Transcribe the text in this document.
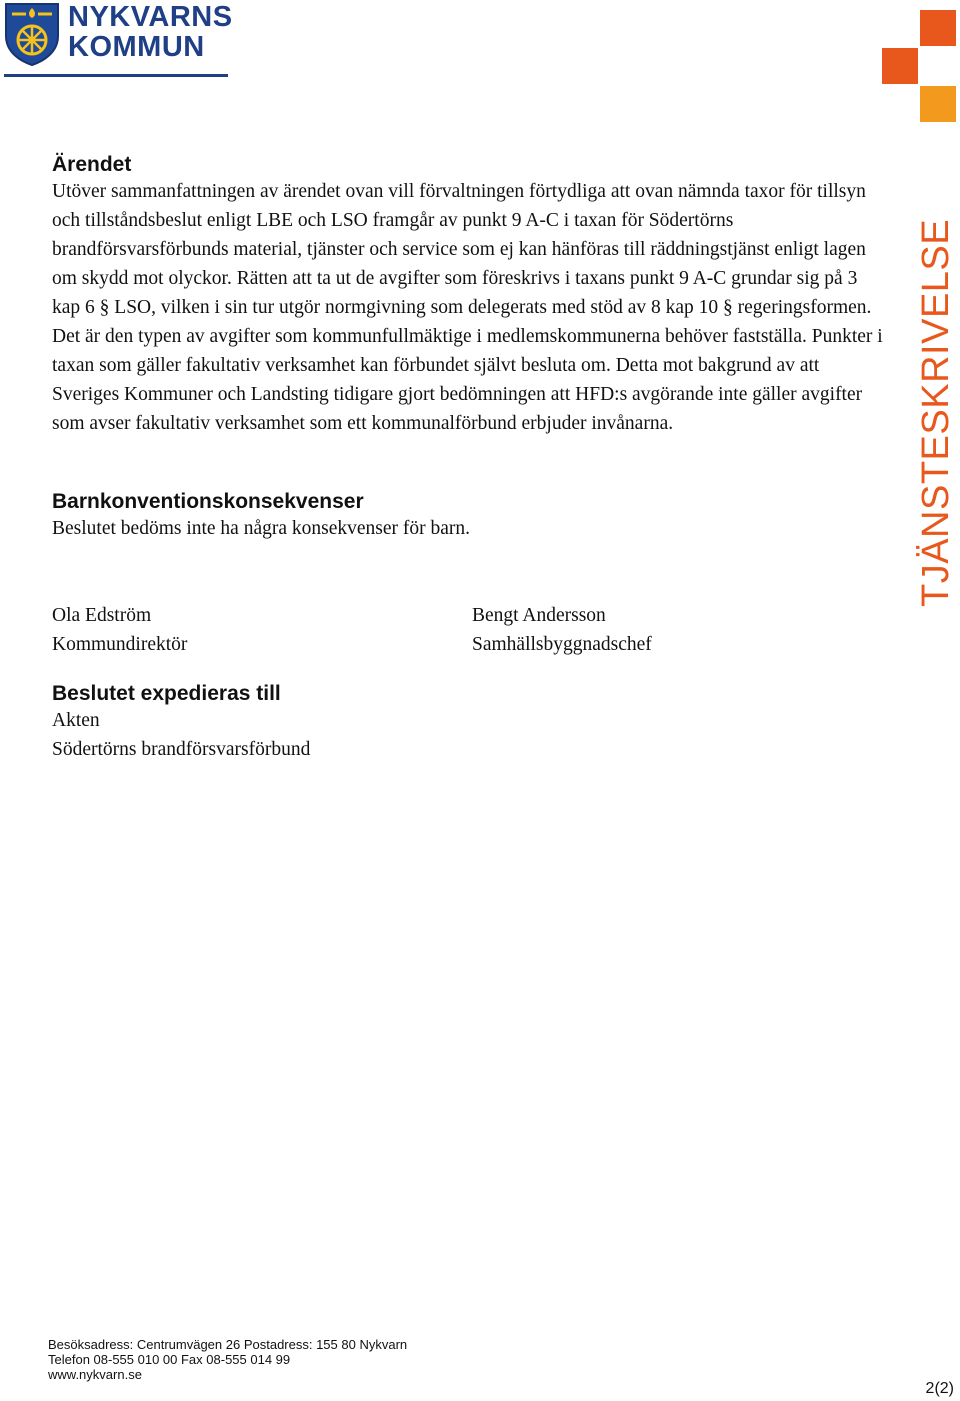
NYKVARNS
KOMMUN
TJÄNSTESKRIVELSE
Ärendet

Utöver sammanfattningen av ärendet ovan vill förvaltningen förtydliga att ovan nämnda taxor för tillsyn och tillståndsbeslut enligt LBE och LSO framgår av punkt 9 A-C i taxan för Södertörns brandförsvarsförbunds material, tjänster och service som ej kan hänföras till räddningstjänst enligt lagen om skydd mot olyckor. Rätten att ta ut de avgifter som föreskrivs i taxans punkt 9 A-C grundar sig på 3 kap 6 § LSO, vilken i sin tur utgör normgivning som delegerats med stöd av 8 kap 10 § regeringsformen. Det är den typen av avgifter som kommunfullmäktige i medlemskommunerna behöver fastställa. Punkter i taxan som gäller fakultativ verksamhet kan förbundet självt besluta om. Detta mot bakgrund av att Sveriges Kommuner och Landsting tidigare gjort bedömningen att HFD:s avgörande inte gäller avgifter som avser fakultativ verksamhet som ett kommunalförbund erbjuder invånarna.

Barnkonventionskonsekvenser

Beslutet bedöms inte ha några konsekvenser för barn.

Ola Edström
Kommundirektör
Bengt Andersson
Samhällsbyggnadschef
Beslutet expedieras till
Akten
Södertörns brandförsvarsförbund
Besöksadress: Centrumvägen 26 Postadress: 155 80 Nykvarn
Telefon 08-555 010 00 Fax 08-555 014 99
www.nykvarn.se
2(2)
